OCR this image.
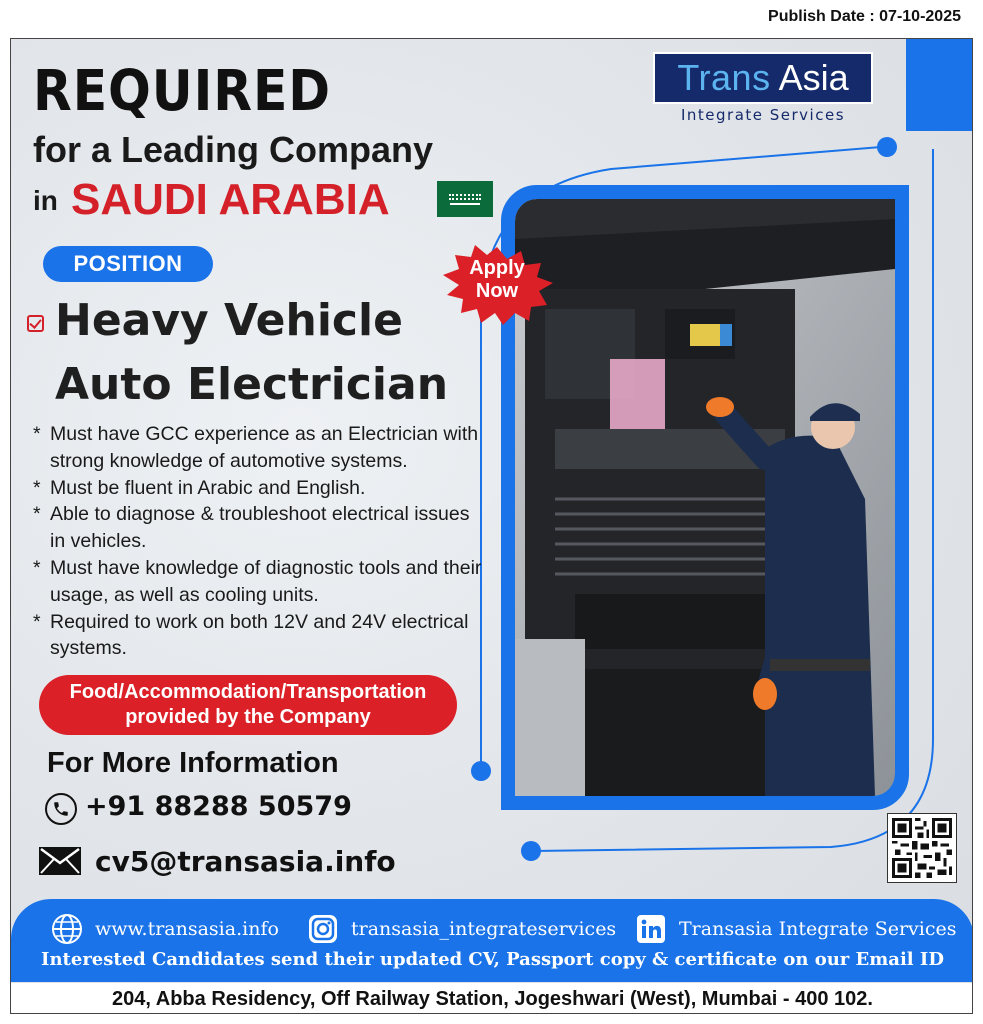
Publish Date : 07-10-2025
REQUIRED
for a Leading Company
in SAUDI ARABIA
Trans Asia
Integrate Services
POSITION
Heavy Vehicle
Auto Electrician
* Must have GCC experience as an Electrician with strong knowledge of automotive systems.
* Must be fluent in Arabic and English.
* Able to diagnose & troubleshoot electrical issues in vehicles.
* Must have knowledge of diagnostic tools and their usage, as well as cooling units.
* Required to work on both 12V and 24V electrical systems.
Food/Accommodation/Transportation
provided by the Company
For More Information
+91 88288 50579
cv5@transasia.info
Apply
Now
www.transasia.info	transasia_integrateservices	Transasia Integrate Services
Interested Candidates send their updated CV, Passport copy & certificate on our Email ID
204, Abba Residency, Off Railway Station, Jogeshwari (West), Mumbai - 400 102.
